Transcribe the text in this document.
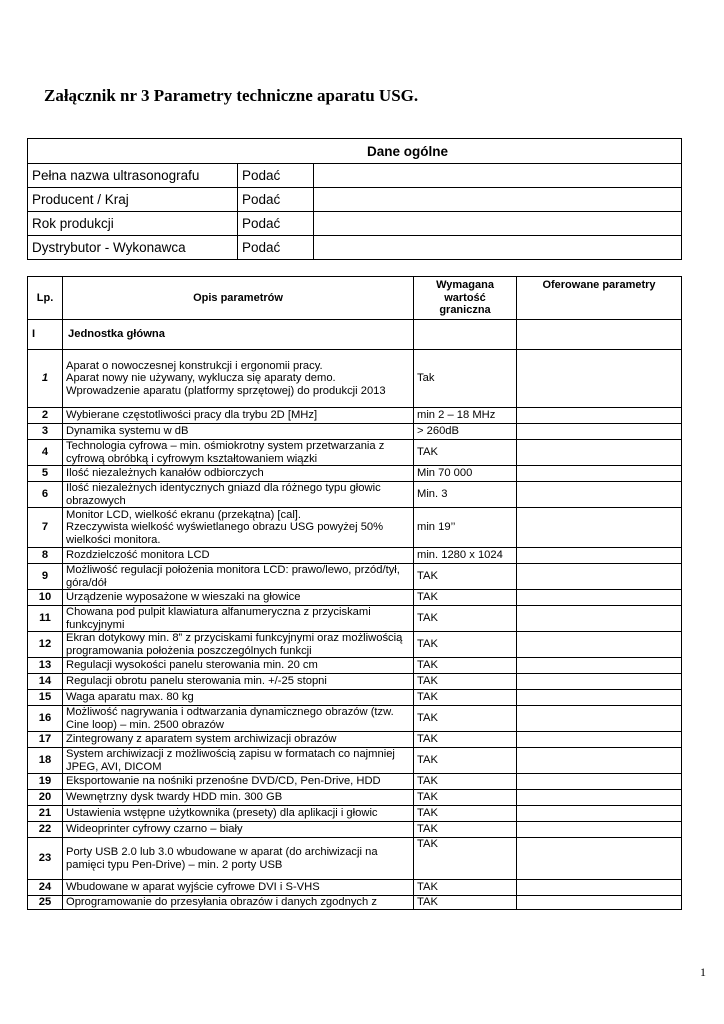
Załącznik nr 3 Parametry techniczne aparatu USG.
Dane ogólne		
Pełna nazwa ultrasonografu	Podać	
Producent / Kraj	Podać	
Rok produkcji	Podać	
Dystrybutor - Wykonawca	Podać	
Lp.	Opis parametrów	Wymagana wartość graniczna	Oferowane parametry
I	Jednostka główna		
1	Aparat o nowoczesnej konstrukcji i ergonomii pracy.
Aparat nowy nie używany, wyklucza się aparaty demo.
Wprowadzenie aparatu (platformy sprzętowej) do produkcji 2013	Tak	
2	Wybierane częstotliwości pracy dla trybu 2D [MHz]	min 2 – 18 MHz	
3	Dynamika systemu w dB	> 260dB	
4	Technologia cyfrowa – min. ośmiokrotny system przetwarzania z cyfrową obróbką i cyfrowym kształtowaniem wiązki	TAK	
5	Ilość niezależnych kanałów odbiorczych	Min 70 000	
6	Ilość niezależnych identycznych gniazd dla różnego typu głowic obrazowych	Min. 3	
7	Monitor LCD, wielkość ekranu (przekątna) [cal].
Rzeczywista wielkość wyświetlanego obrazu USG powyżej 50% wielkości monitora.	min 19’’	
8	Rozdzielczość monitora LCD	min. 1280 x 1024	
9	Możliwość regulacji położenia monitora LCD: prawo/lewo, przód/tył, góra/dół	TAK	
10	Urządzenie wyposażone w wieszaki na głowice	TAK	
11	Chowana pod pulpit klawiatura alfanumeryczna z przyciskami funkcyjnymi	TAK	
12	Ekran dotykowy min. 8” z przyciskami funkcyjnymi oraz możliwością programowania położenia poszczególnych funkcji	TAK	
13	Regulacji wysokości panelu sterowania min. 20 cm	TAK	
14	Regulacji obrotu panelu sterowania min. +/-25 stopni	TAK	
15	Waga aparatu max. 80 kg	TAK	
16	Możliwość nagrywania i odtwarzania dynamicznego obrazów (tzw. Cine loop) – min. 2500 obrazów	TAK	
17	Zintegrowany z aparatem system archiwizacji obrazów	TAK	
18	System archiwizacji z możliwością zapisu w formatach co najmniej JPEG, AVI, DICOM	TAK	
19	Eksportowanie na nośniki przenośne DVD/CD, Pen-Drive, HDD	TAK	
20	Wewnętrzny dysk twardy HDD min. 300 GB	TAK	
21	Ustawienia wstępne użytkownika (presety) dla aplikacji i głowic	TAK	
22	Wideoprinter cyfrowy czarno – biały	TAK	
23	Porty USB 2.0 lub 3.0 wbudowane w aparat (do archiwizacji na pamięci typu Pen-Drive) – min. 2 porty USB	TAK	
24	Wbudowane w aparat wyjście cyfrowe DVI i S-VHS	TAK	
25	Oprogramowanie do przesyłania obrazów i danych zgodnych z	TAK	
1
